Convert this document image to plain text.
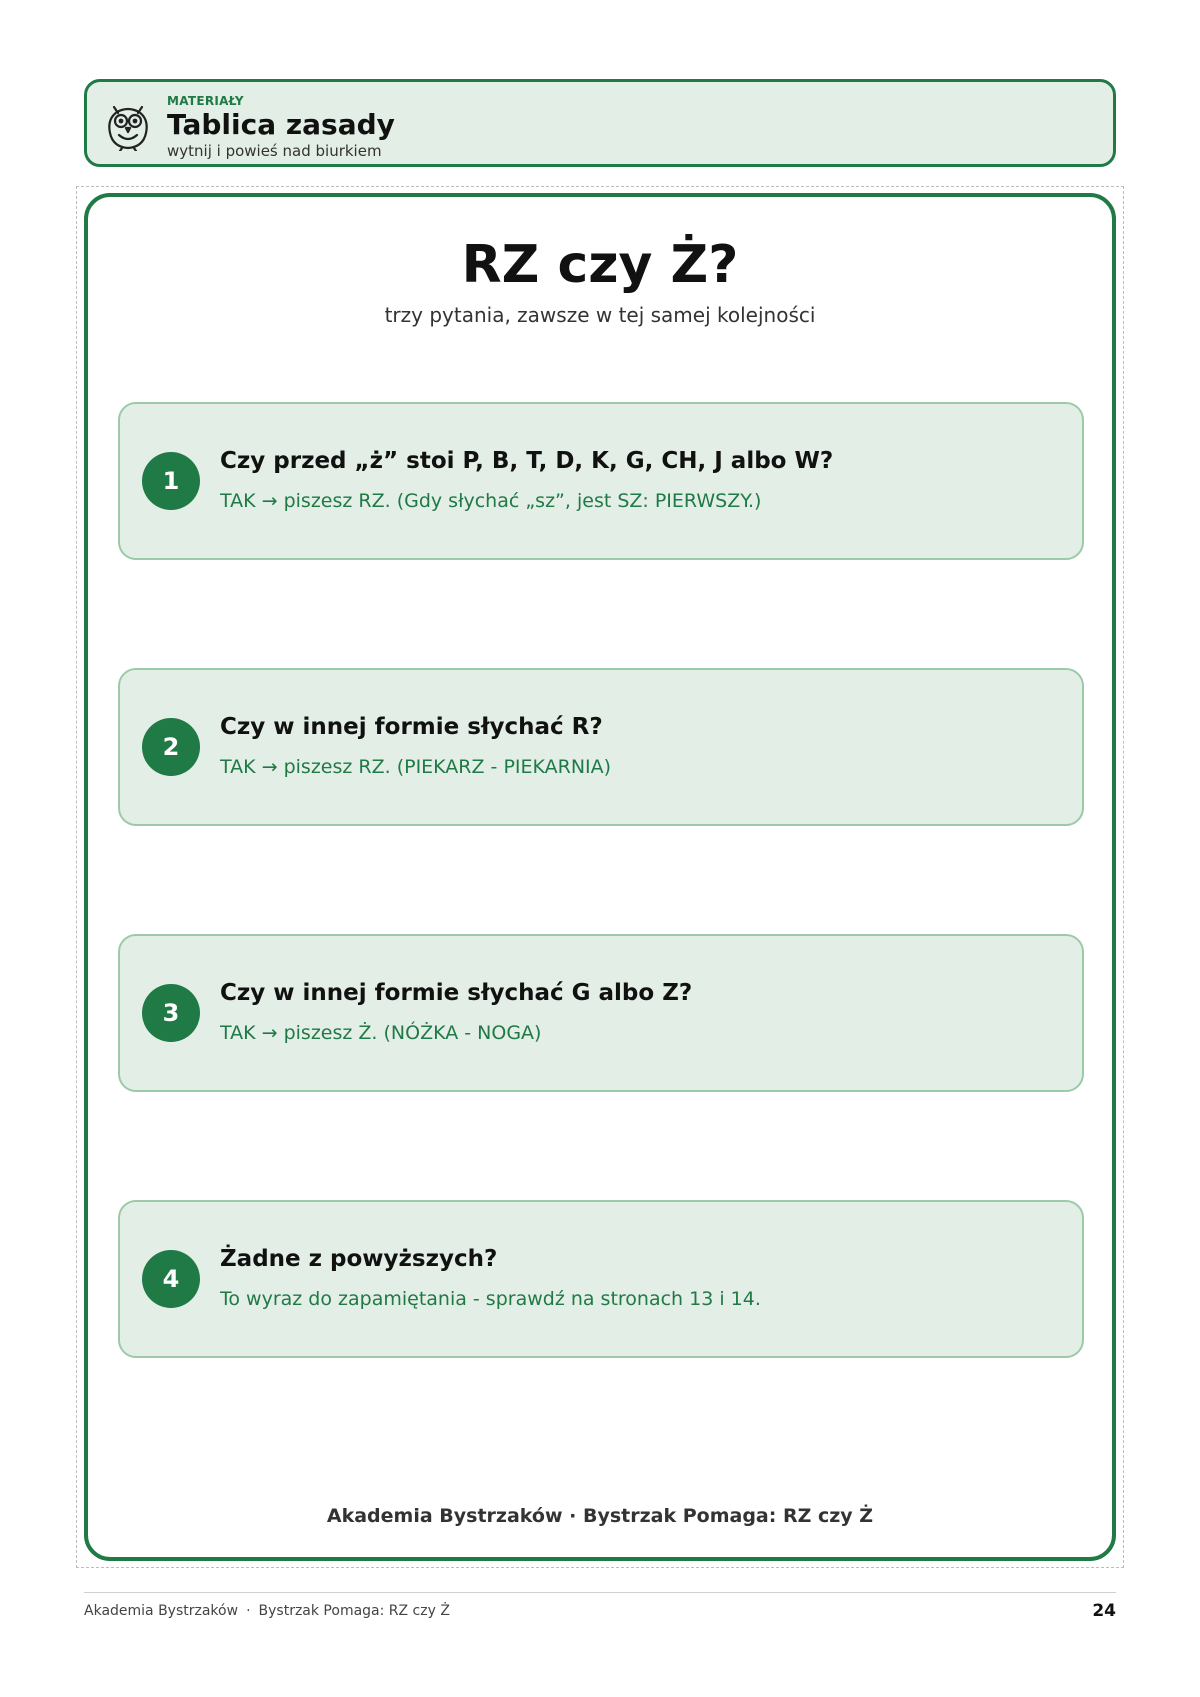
MATERIAŁY
Tablica zasady
wytnij i powieś nad biurkiem
RZ czy Ż?
trzy pytania, zawsze w tej samej kolejności
1
Czy przed „ż” stoi P, B, T, D, K, G, CH, J albo W?
TAK → piszesz RZ. (Gdy słychać „sz”, jest SZ: PIERWSZY.)
2
Czy w innej formie słychać R?
TAK → piszesz RZ. (PIEKARZ - PIEKARNIA)
3
Czy w innej formie słychać G albo Z?
TAK → piszesz Ż. (NÓŻKA - NOGA)
4
Żadne z powyższych?
To wyraz do zapamiętania - sprawdź na stronach 13 i 14.
Akademia Bystrzaków · Bystrzak Pomaga: RZ czy Ż
Akademia Bystrzaków · Bystrzak Pomaga: RZ czy Ż	24
